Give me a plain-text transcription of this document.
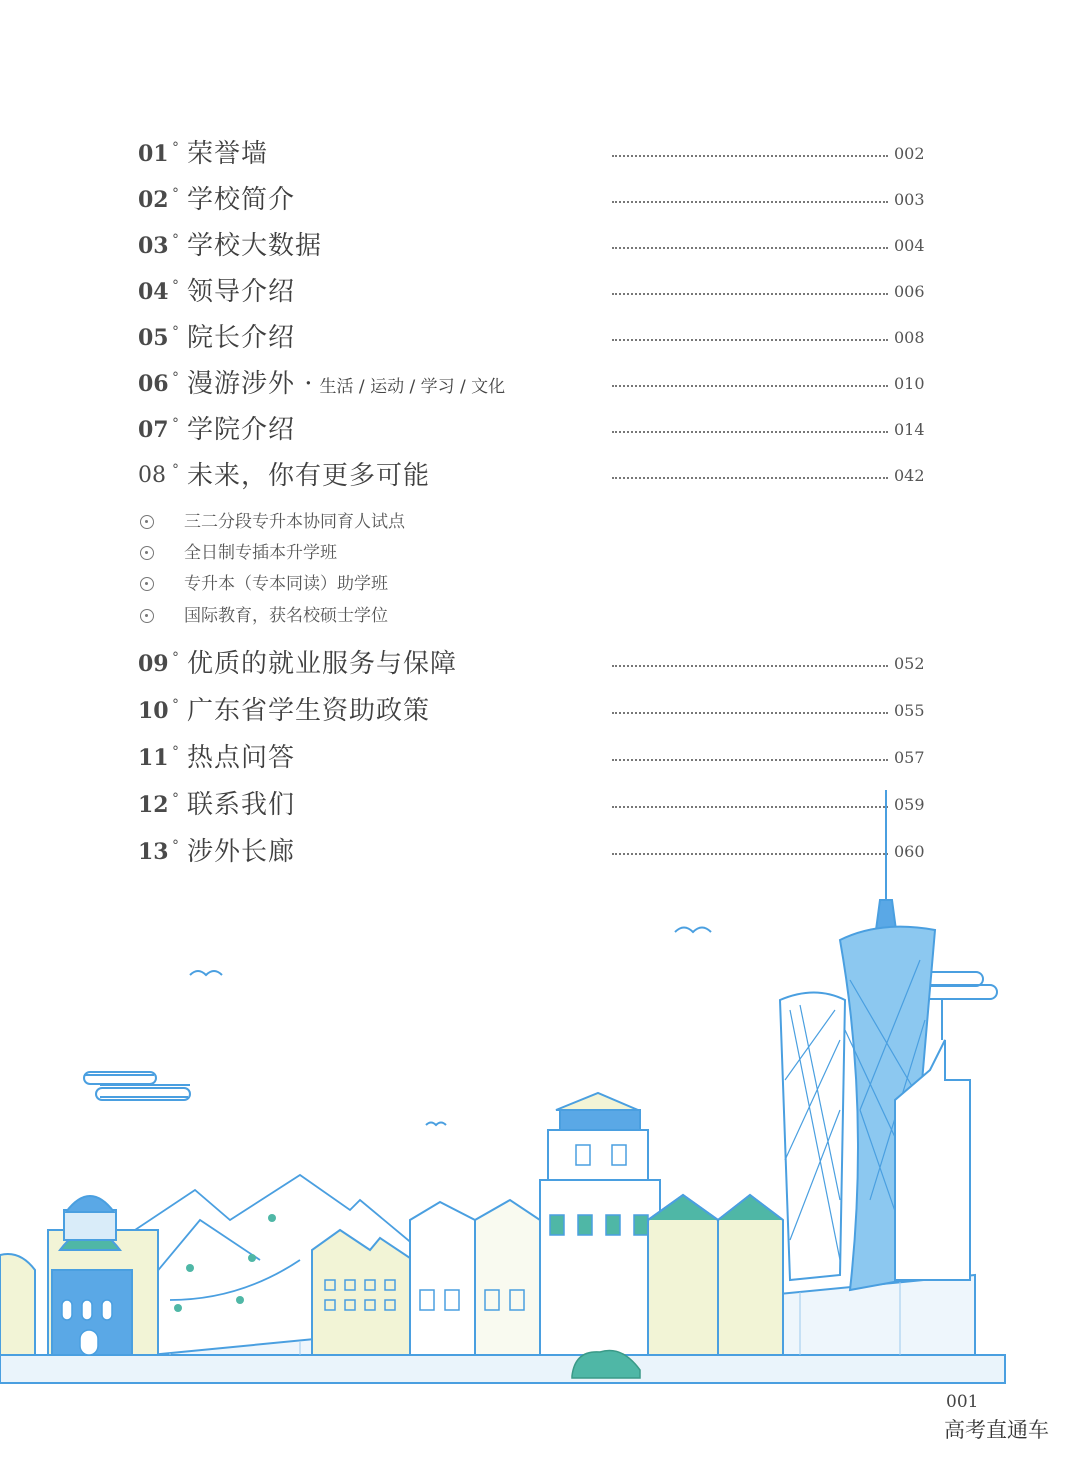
01 ° 荣誉墙	002
02 ° 学校简介	003
03 ° 学校大数据	004
04 ° 领导介绍	006
05 ° 院长介绍	008
06 ° 漫游涉外 · 生活 / 运动 / 学习 / 文化	010
07 ° 学院介绍	014
08 ° 未来，你有更多可能	042
三二分段专升本协同育人试点
全日制专插本升学班
专升本（专本同读）助学班
国际教育，获名校硕士学位
09 ° 优质的就业服务与保障	052
10 ° 广东省学生资助政策	055
11 ° 热点问答	057
12 ° 联系我们	059
13 ° 涉外长廊	060
001
高考直通车
